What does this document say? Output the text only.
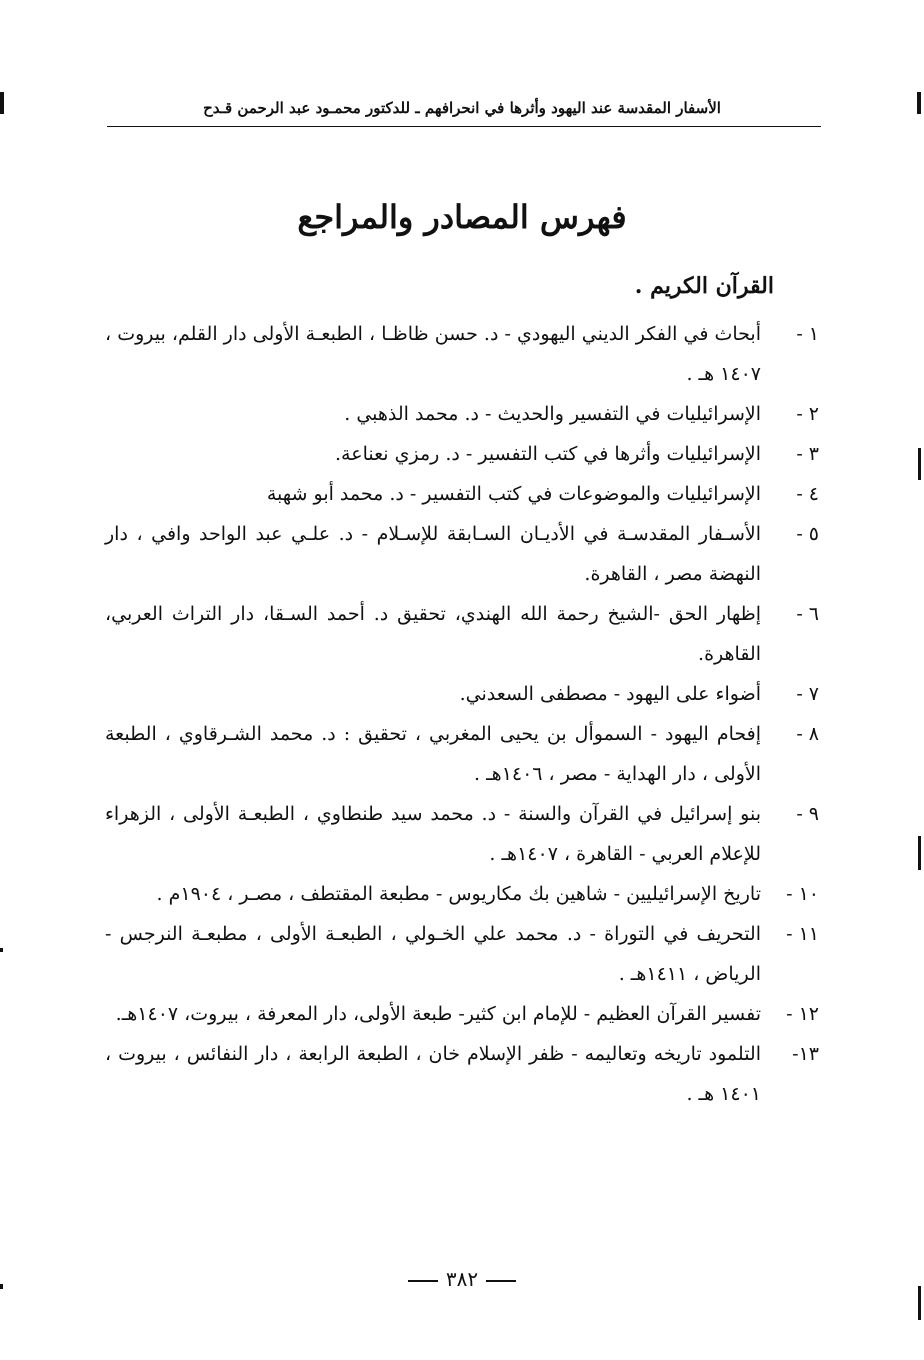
الأسفار المقدسة عند اليهود وأثرها في انحرافهم ـ للدكتور محمـود عبد الرحمن قـدح
فهرس المصادر والمراجع
القرآن الكريم .
١ -
أبحاث في الفكر الديني اليهودي - د. حسن ظاظـا ، الطبعـة الأولى دار القلم، بيروت ، ١٤٠٧ هـ .
٢ -
الإسرائيليات في التفسير والحديث - د. محمد الذهبي .
٣ -
الإسرائيليات وأثرها في كتب التفسير - د. رمزي نعناعة.
٤ -
الإسرائيليات والموضوعات في كتب التفسير - د. محمد أبو شهبة
٥ -
الأسـفار المقدسـة في الأديـان السـابقة للإسـلام - د. علـي عبد الواحد وافي ، دار النهضة مصر ، القاهرة.
٦ -
إظهار الحق -الشيخ رحمة الله الهندي، تحقيق د. أحمد السـقا، دار التراث العربي، القاهرة.
٧ -
أضواء على اليهود - مصطفى السعدني.
٨ -
إفحام اليهود - السموأل بن يحيى المغربي ، تحقيق : د. محمد الشـرقاوي ، الطبعة الأولى ، دار الهداية - مصر ، ١٤٠٦هـ .
٩ -
بنو إسرائيل في القرآن والسنة - د. محمد سيد طنطاوي ، الطبعـة الأولى ، الزهراء للإعلام العربي - القاهرة ، ١٤٠٧هـ .
١٠ -
تاريخ الإسرائيليين - شاهين بك مكاريوس - مطبعة المقتطف ، مصـر ، ١٩٠٤م .
١١ -
التحريف في التوراة - د. محمد علي الخـولي ، الطبعـة الأولى ، مطبعـة النرجس - الرياض ، ١٤١١هـ .
١٢ -
تفسير القرآن العظيم - للإمام ابن كثير- طبعة الأولى، دار المعرفة ، بيروت، ١٤٠٧هـ.
١٣-
التلمود تاريخه وتعاليمه - ظفر الإسلام خان ، الطبعة الرابعة ، دار النفائس ، بيروت ، ١٤٠١ هـ .
٣٨٢
